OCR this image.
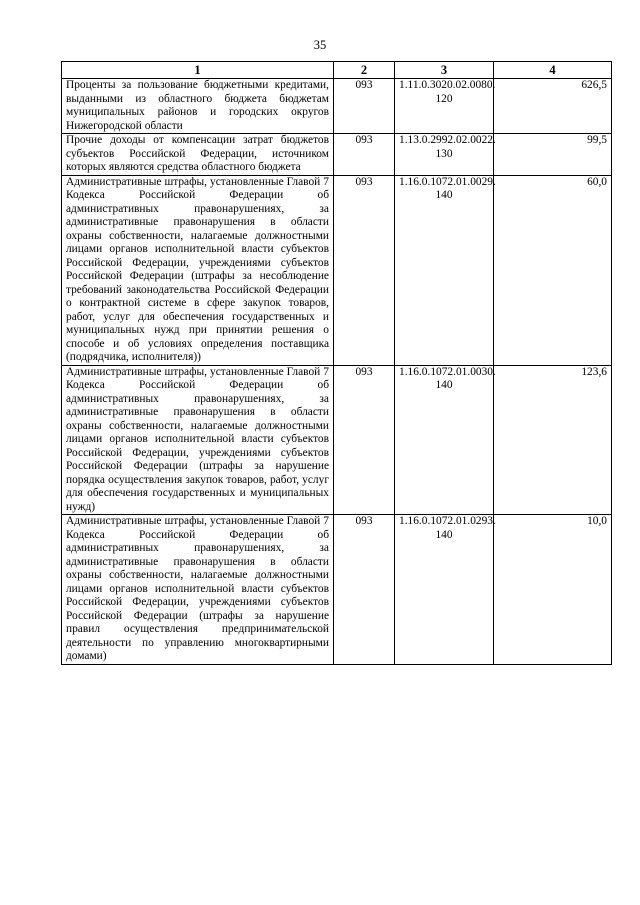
35
1	2	3	4
Проценты за пользование бюджетными кредитами, выданными из областного бюджета бюджетам муниципальных районов и городских округов Нижегородской области	093	1.11.0.3020.02.0080. 120	626,5
Прочие доходы от компенсации затрат бюджетов субъектов Российской Федерации, источником которых являются средства областного бюджета	093	1.13.0.2992.02.0022. 130	99,5
Административные штрафы, установленные Главой 7 Кодекса Российской Федерации об административных правонарушениях, за административные правонарушения в области охраны собственности, налагаемые должностными лицами органов исполнительной власти субъектов Российской Федерации, учреждениями субъектов Российской Федерации (штрафы за несоблюдение требований законодательства Российской Федерации о контрактной системе в сфере закупок товаров, работ, услуг для обеспечения государственных и муниципальных нужд при принятии решения о способе и об условиях определения поставщика (подрядчика, исполнителя))	093	1.16.0.1072.01.0029. 140	60,0
Административные штрафы, установленные Главой 7 Кодекса Российской Федерации об административных правонарушениях, за административные правонарушения в области охраны собственности, налагаемые должностными лицами органов исполнительной власти субъектов Российской Федерации, учреждениями субъектов Российской Федерации (штрафы за нарушение порядка осуществления закупок товаров, работ, услуг для обеспечения государственных и муниципальных нужд)	093	1.16.0.1072.01.0030. 140	123,6
Административные штрафы, установленные Главой 7 Кодекса Российской Федерации об административных правонарушениях, за административные правонарушения в области охраны собственности, налагаемые должностными лицами органов исполнительной власти субъектов Российской Федерации, учреждениями субъектов Российской Федерации (штрафы за нарушение правил осуществления предпринимательской деятельности по управлению многоквартирными домами)	093	1.16.0.1072.01.0293. 140	10,0
